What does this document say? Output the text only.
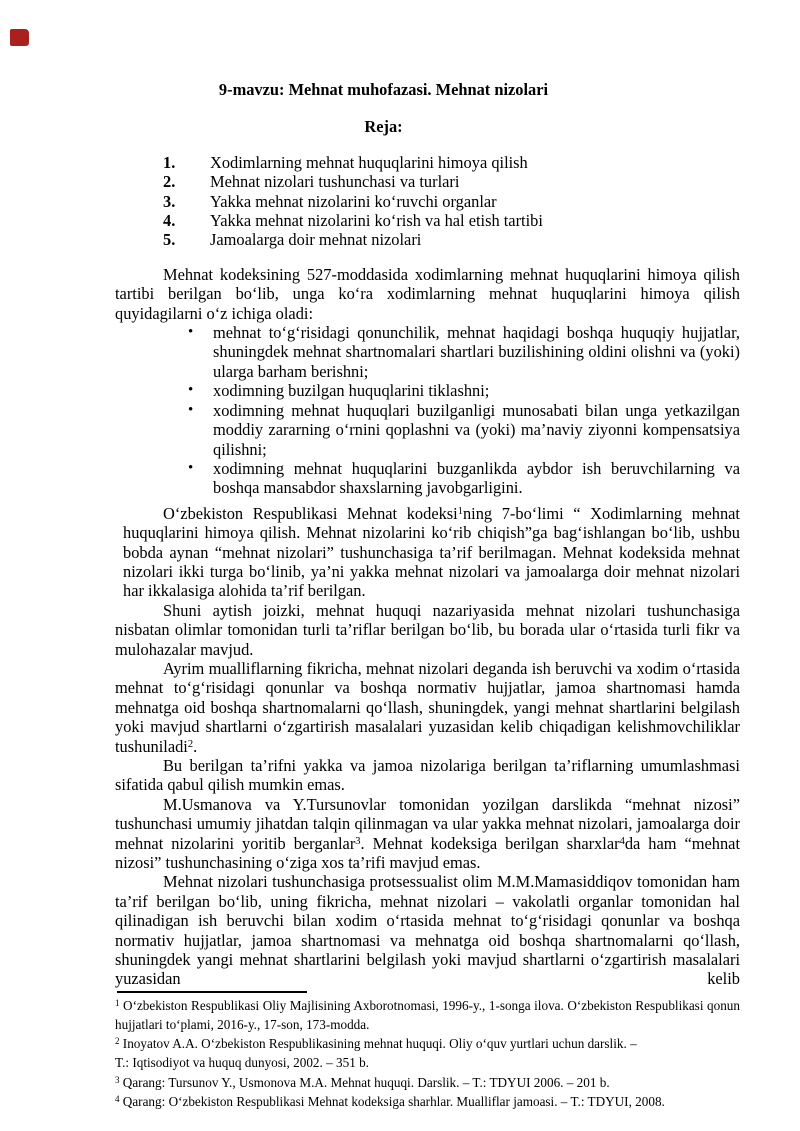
9-mavzu: Mehnat muhofazasi. Mehnat nizolari
Reja:
1.	Xodimlarning mehnat huquqlarini himoya qilish
2.	Mehnat nizolari tushunchasi va turlari
3.	Yakka mehnat nizolarini ko‘ruvchi organlar
4.	Yakka mehnat nizolarini ko‘rish va hal etish tartibi
5.	Jamoalarga doir mehnat nizolari

Mehnat kodeksining 527-moddasida xodimlarning mehnat huquqlarini himoya qilish tartibi berilgan bo‘lib, unga ko‘ra xodimlarning mehnat huquqlarini himoya qilish quyidagilarni o‘z ichiga oladi:

•	mehnat to‘g‘risidagi qonunchilik, mehnat haqidagi boshqa huquqiy hujjatlar, shuningdek mehnat shartnomalari shartlari buzilishining oldini olishni va (yoki) ularga barham berishni;
•	xodimning buzilgan huquqlarini tiklashni;
•	xodimning mehnat huquqlari buzilganligi munosabati bilan unga yetkazilgan moddiy zararning o‘rnini qoplashni va (yoki) ma’naviy ziyonni kompensatsiya qilishni;
•	xodimning mehnat huquqlarini buzganlikda aybdor ish beruvchilarning va boshqa mansabdor shaxslarning javobgarligini.

O‘zbekiston Respublikasi Mehnat kodeksi$^1$ning 7-bo‘limi “ Xodimlarning mehnat huquqlarini himoya qilish. Mehnat nizolarini ko‘rib chiqish”ga bag‘ishlangan bo‘lib, ushbu bobda aynan “mehnat nizolari” tushunchasiga ta’rif berilmagan. Mehnat kodeksida mehnat nizolari ikki turga bo‘linib, ya’ni yakka mehnat nizolari va jamoalarga doir mehnat nizolari har ikkalasiga alohida ta’rif berilgan.

Shuni aytish joizki, mehnat huquqi nazariyasida mehnat nizolari tushunchasiga nisbatan olimlar tomonidan turli ta’riflar berilgan bo‘lib, bu borada ular o‘rtasida turli fikr va mulohazalar mavjud.

Ayrim mualliflarning fikricha, mehnat nizolari deganda ish beruvchi va xodim o‘rtasida mehnat to‘g‘risidagi qonunlar va boshqa normativ hujjatlar, jamoa shartnomasi hamda mehnatga oid boshqa shartnomalarni qo‘llash, shuningdek, yangi mehnat shartlarini belgilash yoki mavjud shartlarni o‘zgartirish masalalari yuzasidan kelib chiqadigan kelishmovchiliklar tushuniladi$^2$.

Bu berilgan ta’rifni yakka va jamoa nizolariga berilgan ta’riflarning umumlashmasi sifatida qabul qilish mumkin emas.

M.Usmanova va Y.Tursunovlar tomonidan yozilgan darslikda “mehnat nizosi” tushunchasi umumiy jihatdan talqin qilinmagan va ular yakka mehnat nizolari, jamoalarga doir mehnat nizolarini yoritib berganlar$^3$. Mehnat kodeksiga berilgan sharxlar$^4$da ham “mehnat nizosi” tushunchasining o‘ziga xos ta’rifi mavjud emas.

Mehnat nizolari tushunchasiga protsessualist olim M.M.Mamasiddiqov tomonidan ham ta’rif berilgan bo‘lib, uning fikricha, mehnat nizolari – vakolatli organlar tomonidan hal qilinadigan ish beruvchi bilan xodim o‘rtasida mehnat to‘g‘risidagi qonunlar va boshqa normativ hujjatlar, jamoa shartnomasi va mehnatga oid boshqa shartnomalarni qo‘llash, shuningdek yangi mehnat shartlarini belgilash yoki mavjud shartlarni o‘zgartirish masalalari yuzasidan kelib

$^1$ O‘zbekiston Respublikasi Oliy Majlisining Axborotnomasi, 1996-y., 1-songa ilova. O‘zbekiston Respublikasi qonun hujjatlari to‘plami, 2016-y., 17-son, 173-modda.

$^2$ Inoyatov A.A. O‘zbekiston Respublikasining mehnat huquqi. Oliy o‘quv yurtlari uchun darslik. –
T.: Iqtisodiyot va huquq dunyosi, 2002. – 351 b.

$^3$ Qarang: Tursunov Y., Usmonova M.A. Mehnat huquqi. Darslik. – T.: TDYUI 2006. – 201 b.

$^4$ Qarang: O‘zbekiston Respublikasi Mehnat kodeksiga sharhlar. Mualliflar jamoasi. – T.: TDYUI, 2008.
